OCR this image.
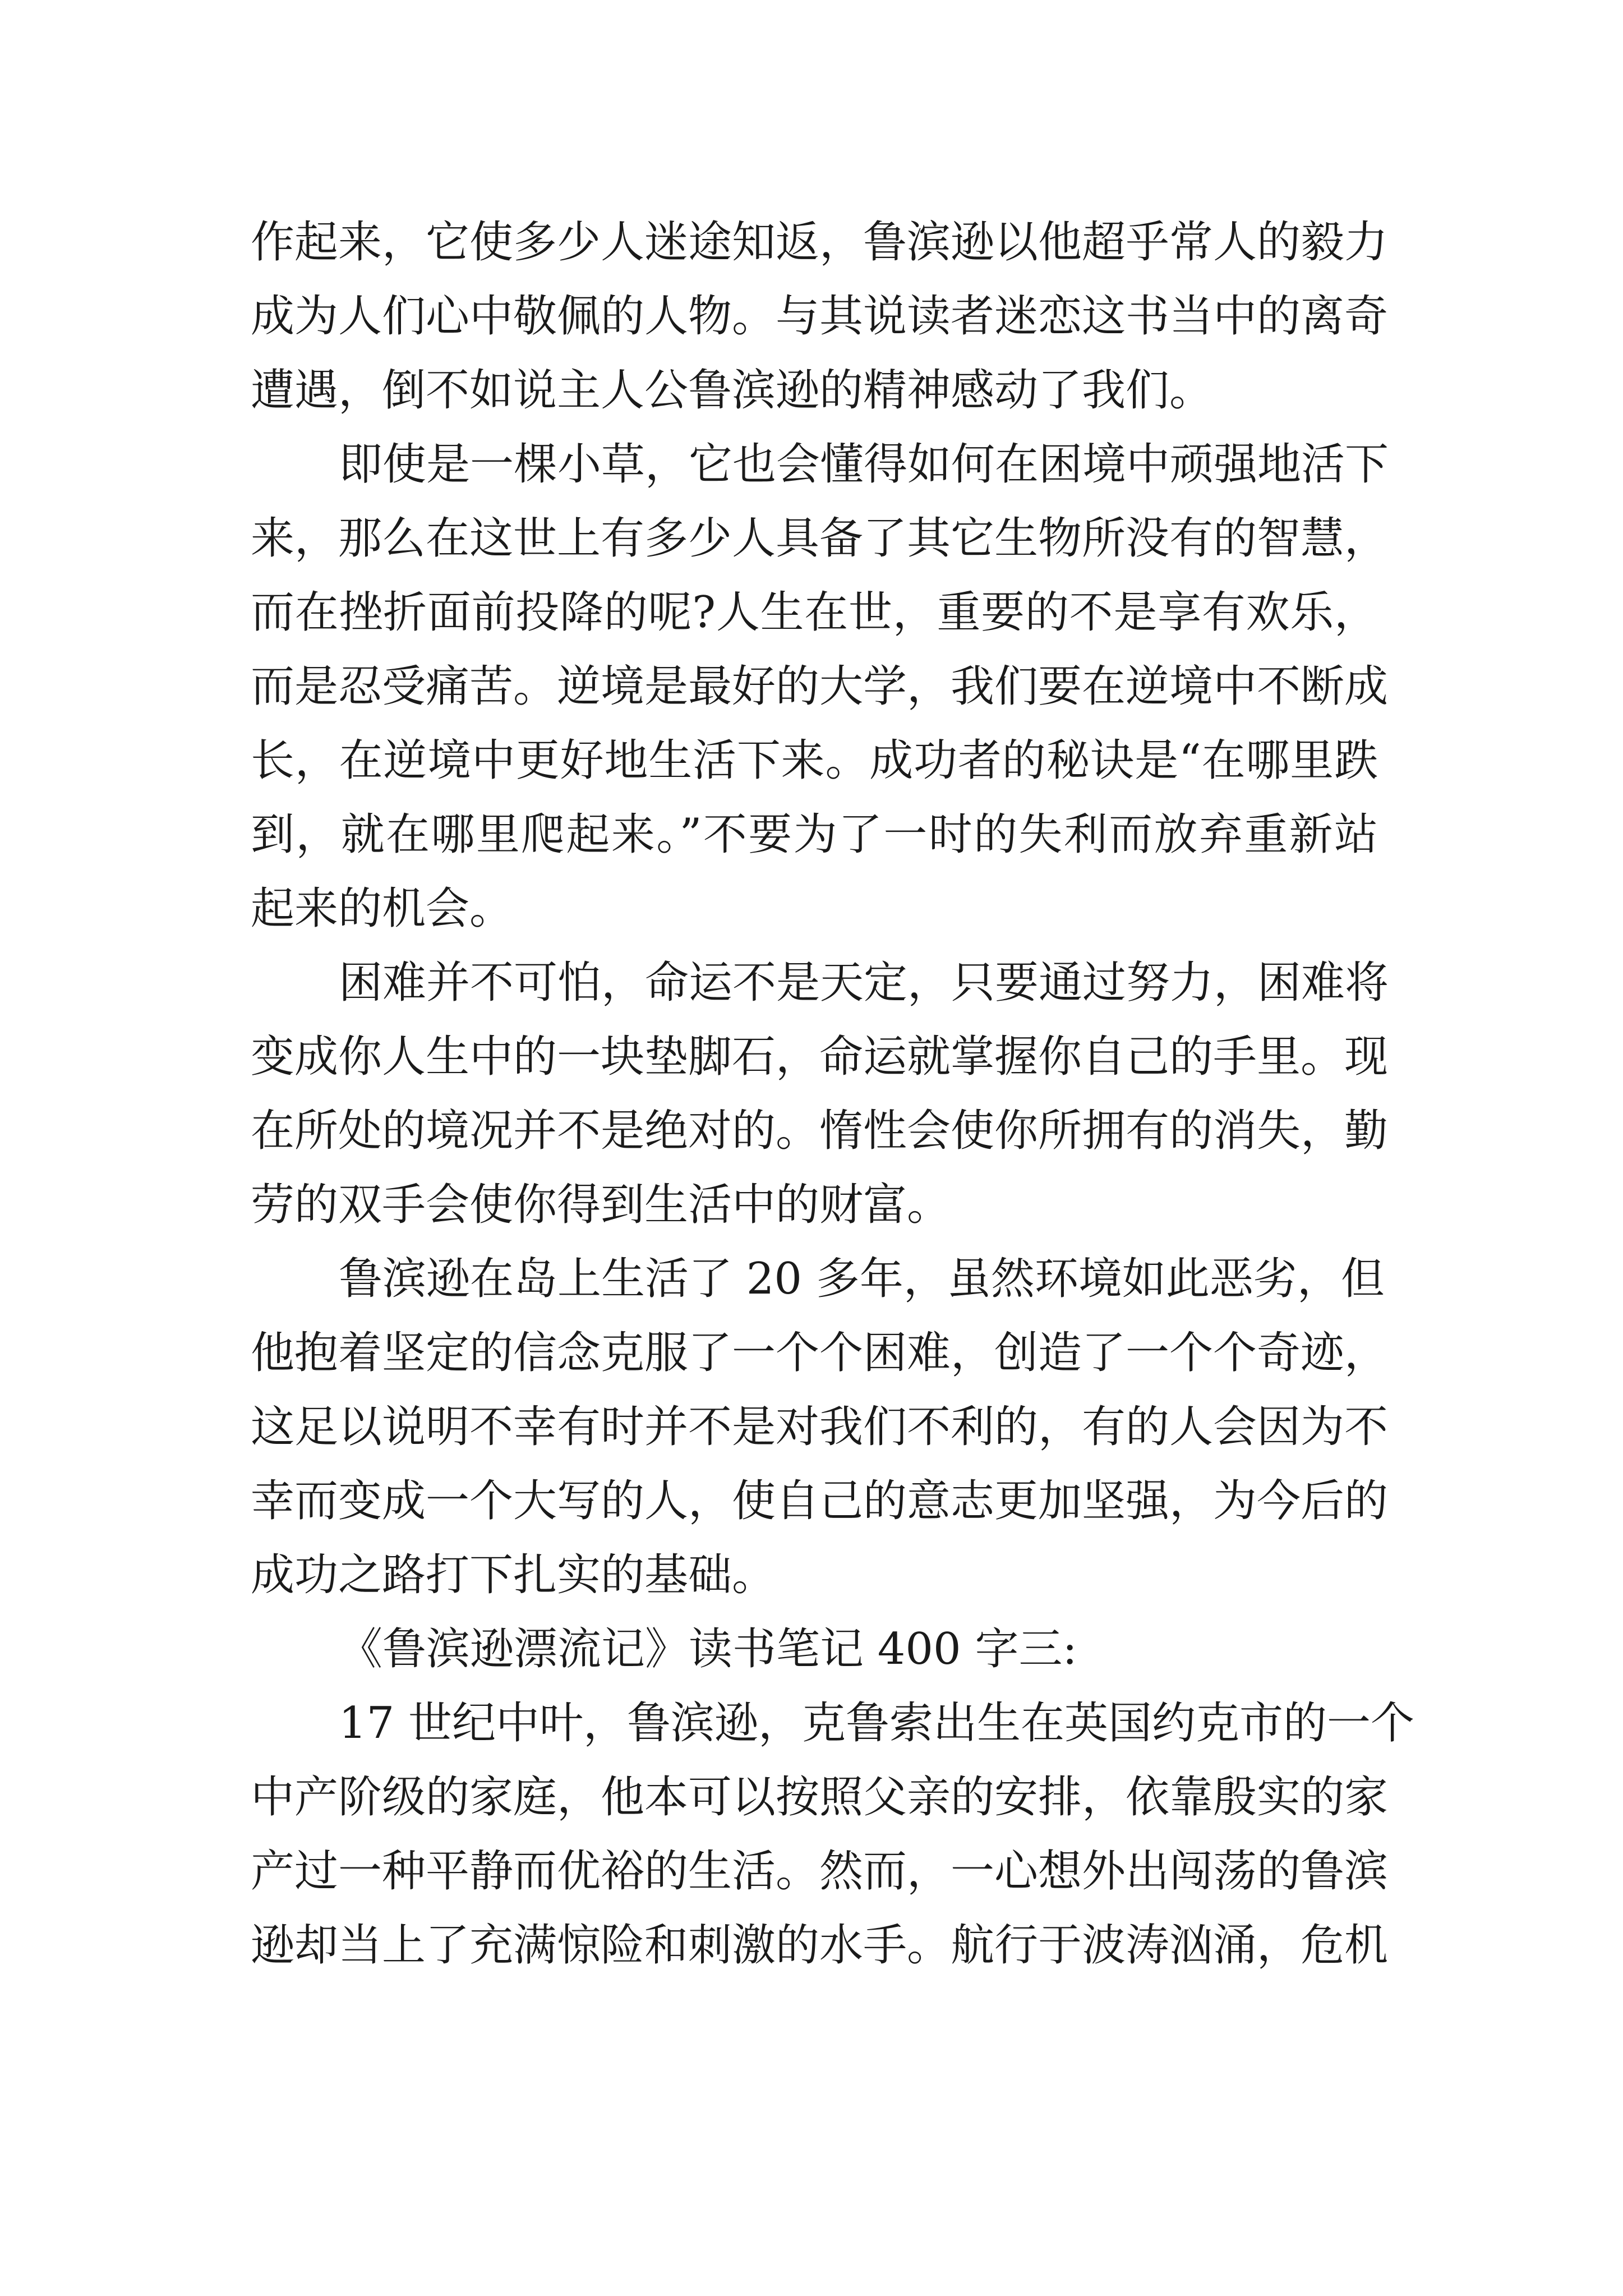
作起来，它使多少人迷途知返，鲁滨逊以他超乎常人的毅力
成为人们心中敬佩的人物。与其说读者迷恋这书当中的离奇
遭遇，倒不如说主人公鲁滨逊的精神感动了我们。
即使是一棵小草，它也会懂得如何在困境中顽强地活下
来，那么在这世上有多少人具备了其它生物所没有的智慧，
而在挫折面前投降的呢?人生在世，重要的不是享有欢乐，
而是忍受痛苦。逆境是最好的大学，我们要在逆境中不断成
长，在逆境中更好地生活下来。成功者的秘诀是“在哪里跌
到，就在哪里爬起来。”不要为了一时的失利而放弃重新站
起来的机会。
困难并不可怕，命运不是天定，只要通过努力，困难将
变成你人生中的一块垫脚石，命运就掌握你自己的手里。现
在所处的境况并不是绝对的。惰性会使你所拥有的消失，勤
劳的双手会使你得到生活中的财富。
鲁滨逊在岛上生活了 20 多年，虽然环境如此恶劣，但
他抱着坚定的信念克服了一个个困难，创造了一个个奇迹，
这足以说明不幸有时并不是对我们不利的，有的人会因为不
幸而变成一个大写的人，使自己的意志更加坚强，为今后的
成功之路打下扎实的基础。
《鲁滨逊漂流记》读书笔记 400 字三:
17 世纪中叶，鲁滨逊，克鲁索出生在英国约克市的一个
中产阶级的家庭，他本可以按照父亲的安排，依靠殷实的家
产过一种平静而优裕的生活。然而，一心想外出闯荡的鲁滨
逊却当上了充满惊险和刺激的水手。航行于波涛汹涌，危机
